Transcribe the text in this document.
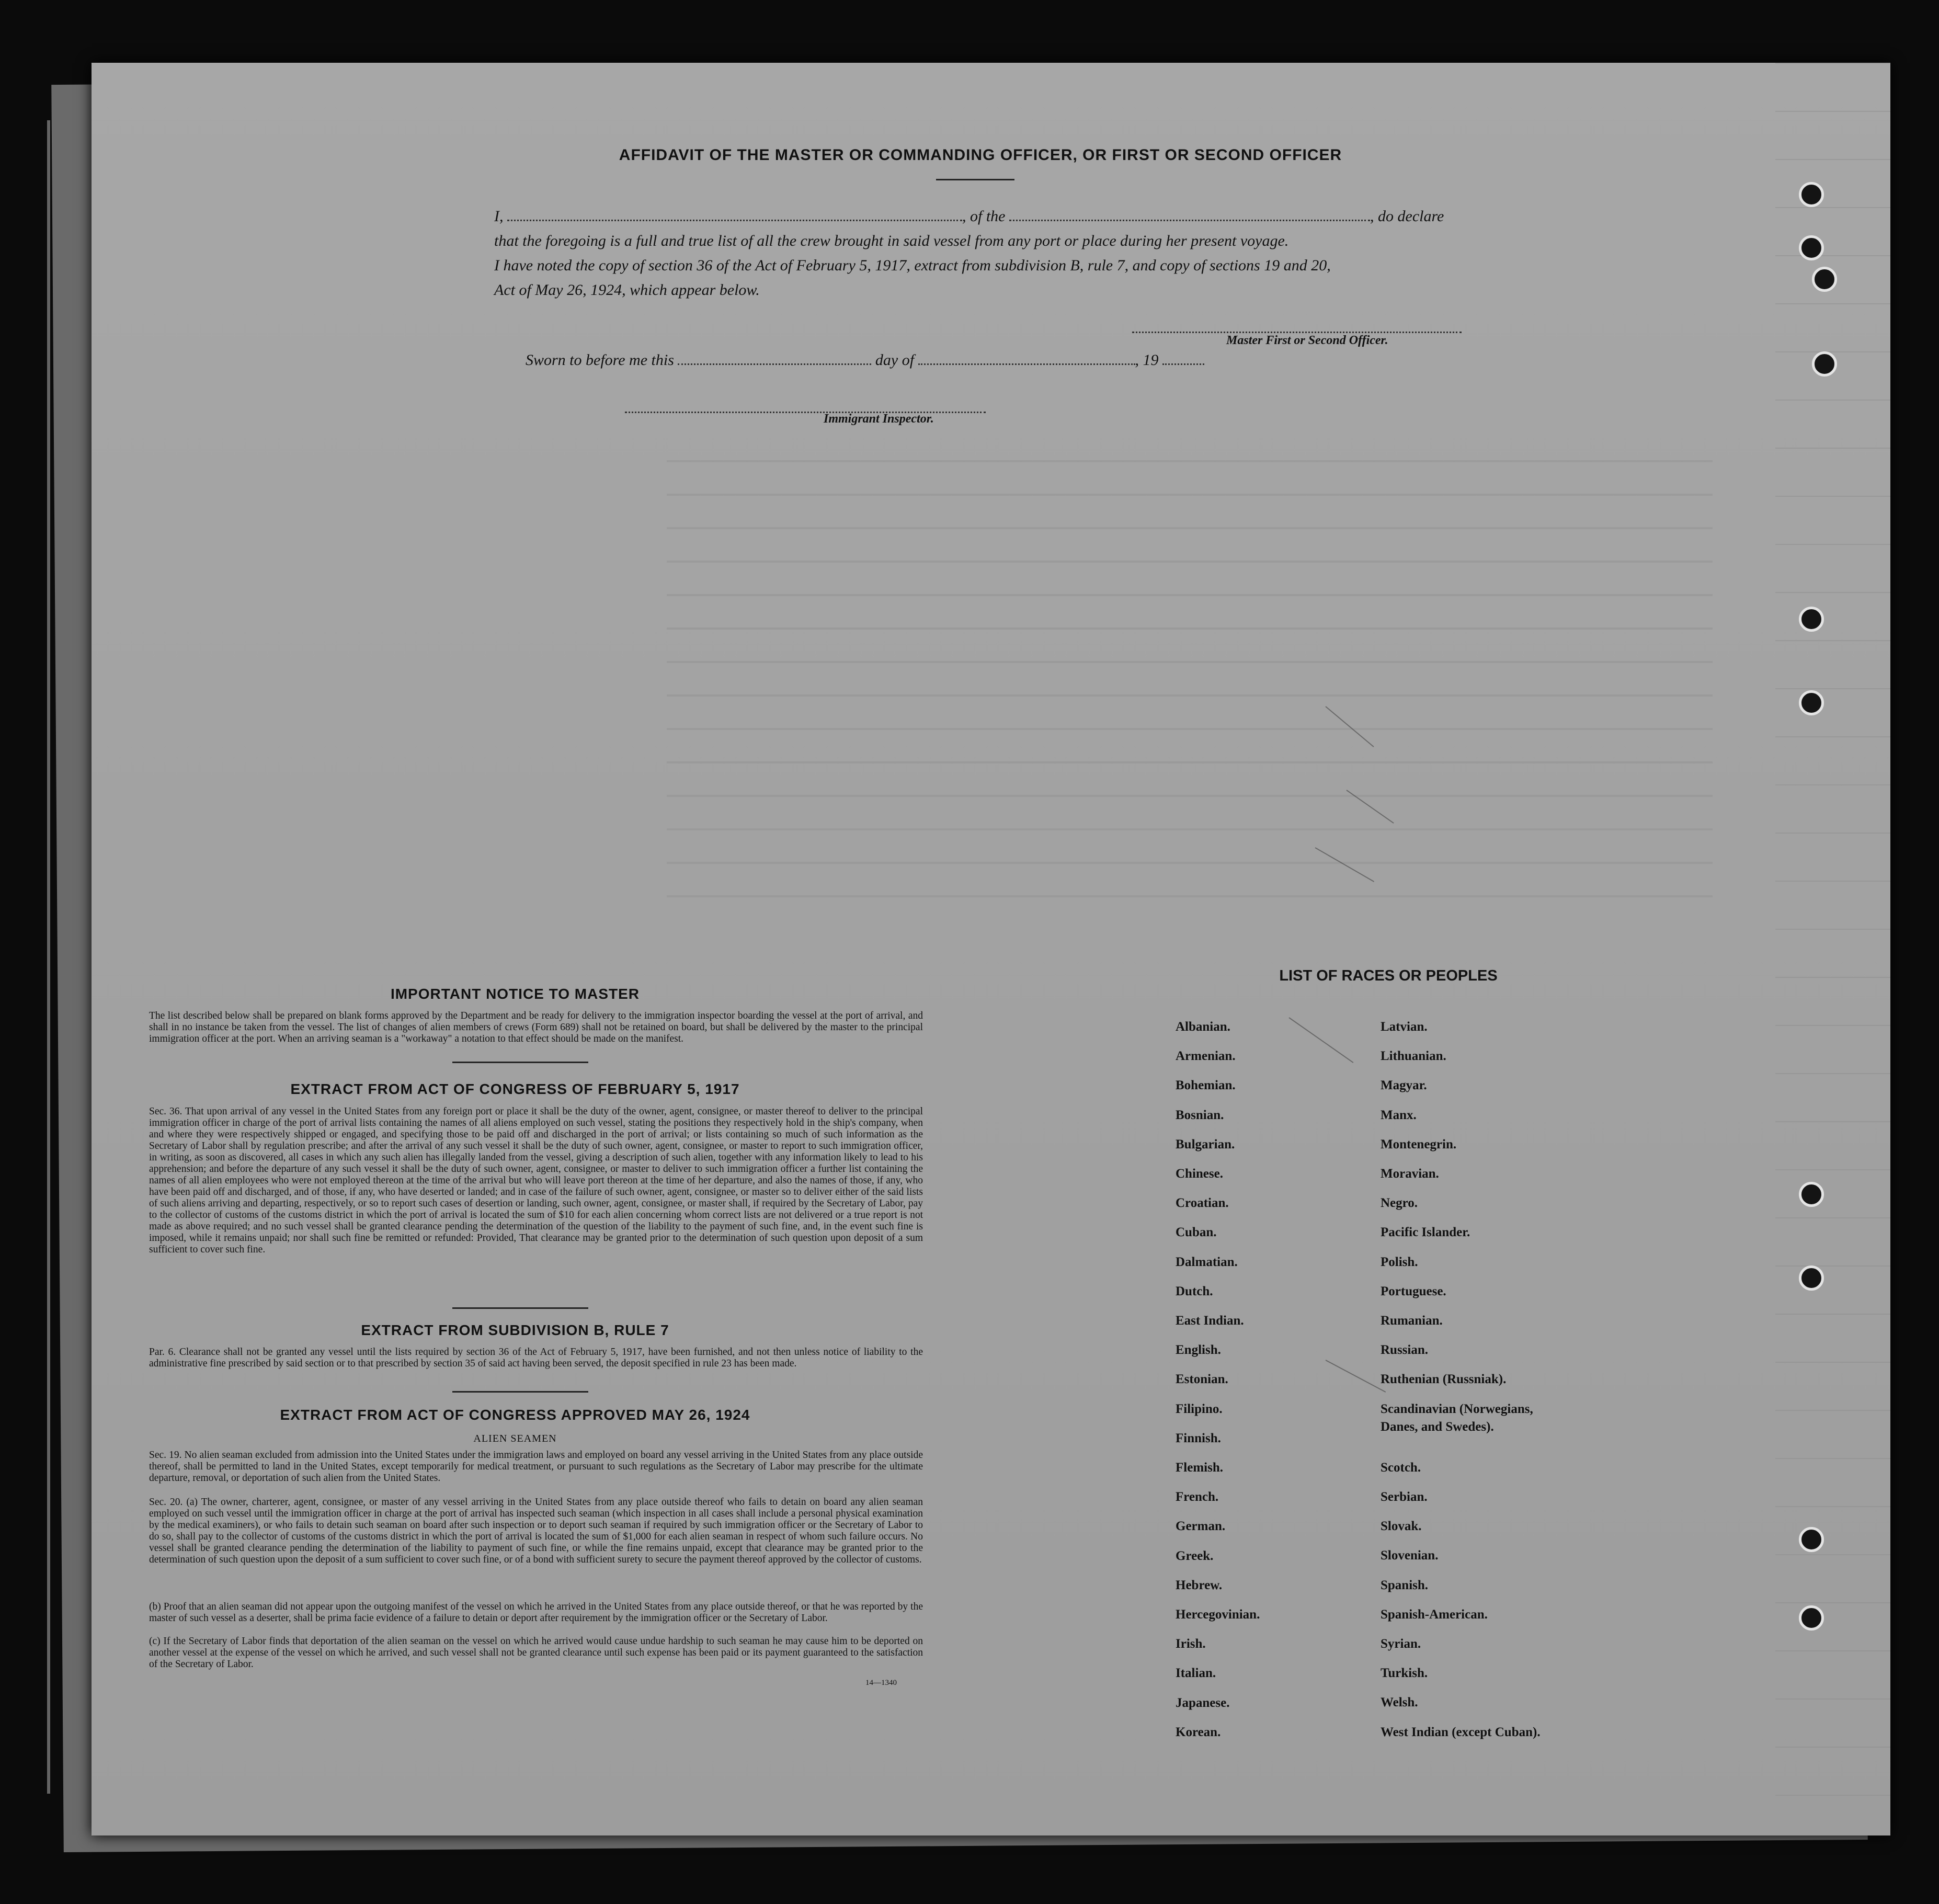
AFFIDAVIT OF THE MASTER OR COMMANDING OFFICER, OR FIRST OR SECOND OFFICER
I,	, of the	, do declare
that the foregoing is a full and true list of all the crew brought in said vessel from any port or place during her present voyage.
I have noted the copy of section 36 of the Act of February 5, 1917, extract from subdivision B, rule 7, and copy of sections 19 and 20,
Act of May 26, 1924, which appear below.
Master First or Second Officer.
Sworn to before me this	day of	, 19
Immigrant Inspector.
IMPORTANT NOTICE TO MASTER
The list described below shall be prepared on blank forms approved by the Department and be ready for delivery to the immigration inspector boarding the vessel at the port of arrival, and shall in no instance be taken from the vessel. The list of changes of alien members of crews (Form 689) shall not be retained on board, but shall be delivered by the master to the principal immigration officer at the port. When an arriving seaman is a "workaway" a notation to that effect should be made on the manifest.
EXTRACT FROM ACT OF CONGRESS OF FEBRUARY 5, 1917
Sec. 36. That upon arrival of any vessel in the United States from any foreign port or place it shall be the duty of the owner, agent, consignee, or master thereof to deliver to the principal immigration officer in charge of the port of arrival lists containing the names of all aliens employed on such vessel, stating the positions they respectively hold in the ship's company, when and where they were respectively shipped or engaged, and specifying those to be paid off and discharged in the port of arrival; or lists containing so much of such information as the Secretary of Labor shall by regulation prescribe; and after the arrival of any such vessel it shall be the duty of such owner, agent, consignee, or master to report to such immigration officer, in writing, as soon as discovered, all cases in which any such alien has illegally landed from the vessel, giving a description of such alien, together with any information likely to lead to his apprehension; and before the departure of any such vessel it shall be the duty of such owner, agent, consignee, or master to deliver to such immigration officer a further list containing the names of all alien employees who were not employed thereon at the time of the arrival but who will leave port thereon at the time of her departure, and also the names of those, if any, who have been paid off and discharged, and of those, if any, who have deserted or landed; and in case of the failure of such owner, agent, consignee, or master so to deliver either of the said lists of such aliens arriving and departing, respectively, or so to report such cases of desertion or landing, such owner, agent, consignee, or master shall, if required by the Secretary of Labor, pay to the collector of customs of the customs district in which the port of arrival is located the sum of $10 for each alien concerning whom correct lists are not delivered or a true report is not made as above required; and no such vessel shall be granted clearance pending the determination of the question of the liability to the payment of such fine, and, in the event such fine is imposed, while it remains unpaid; nor shall such fine be remitted or refunded: Provided, That clearance may be granted prior to the determination of such question upon deposit of a sum sufficient to cover such fine.
EXTRACT FROM SUBDIVISION B, RULE 7
Par. 6. Clearance shall not be granted any vessel until the lists required by section 36 of the Act of February 5, 1917, have been furnished, and not then unless notice of liability to the administrative fine prescribed by said section or to that prescribed by section 35 of said act having been served, the deposit specified in rule 23 has been made.
EXTRACT FROM ACT OF CONGRESS APPROVED MAY 26, 1924
ALIEN SEAMEN
Sec. 19. No alien seaman excluded from admission into the United States under the immigration laws and employed on board any vessel arriving in the United States from any place outside thereof, shall be permitted to land in the United States, except temporarily for medical treatment, or pursuant to such regulations as the Secretary of Labor may prescribe for the ultimate departure, removal, or deportation of such alien from the United States.
Sec. 20. (a) The owner, charterer, agent, consignee, or master of any vessel arriving in the United States from any place outside thereof who fails to detain on board any alien seaman employed on such vessel until the immigration officer in charge at the port of arrival has inspected such seaman (which inspection in all cases shall include a personal physical examination by the medical examiners), or who fails to detain such seaman on board after such inspection or to deport such seaman if required by such immigration officer or the Secretary of Labor to do so, shall pay to the collector of customs of the customs district in which the port of arrival is located the sum of $1,000 for each alien seaman in respect of whom such failure occurs. No vessel shall be granted clearance pending the determination of the liability to payment of such fine, or while the fine remains unpaid, except that clearance may be granted prior to the determination of such question upon the deposit of a sum sufficient to cover such fine, or of a bond with sufficient surety to secure the payment thereof approved by the collector of customs.
(b) Proof that an alien seaman did not appear upon the outgoing manifest of the vessel on which he arrived in the United States from any place outside thereof, or that he was reported by the master of such vessel as a deserter, shall be prima facie evidence of a failure to detain or deport after requirement by the immigration officer or the Secretary of Labor.
(c) If the Secretary of Labor finds that deportation of the alien seaman on the vessel on which he arrived would cause undue hardship to such seaman he may cause him to be deported on another vessel at the expense of the vessel on which he arrived, and such vessel shall not be granted clearance until such expense has been paid or its payment guaranteed to the satisfaction of the Secretary of Labor.
14—1340
LIST OF RACES OR PEOPLES
Albanian.
Armenian.
Bohemian.
Bosnian.
Bulgarian.
Chinese.
Croatian.
Cuban.
Dalmatian.
Dutch.
East Indian.
English.
Estonian.
Filipino.
Finnish.
Flemish.
French.
German.
Greek.
Hebrew.
Hercegovinian.
Irish.
Italian.
Japanese.
Korean.
Latvian.
Lithuanian.
Magyar.
Manx.
Montenegrin.
Moravian.
Negro.
Pacific Islander.
Polish.
Portuguese.
Rumanian.
Russian.
Ruthenian (Russniak).
Scandinavian (Norwegians,
Danes, and Swedes).
Scotch.
Serbian.
Slovak.
Slovenian.
Spanish.
Spanish-American.
Syrian.
Turkish.
Welsh.
West Indian (except Cuban).
